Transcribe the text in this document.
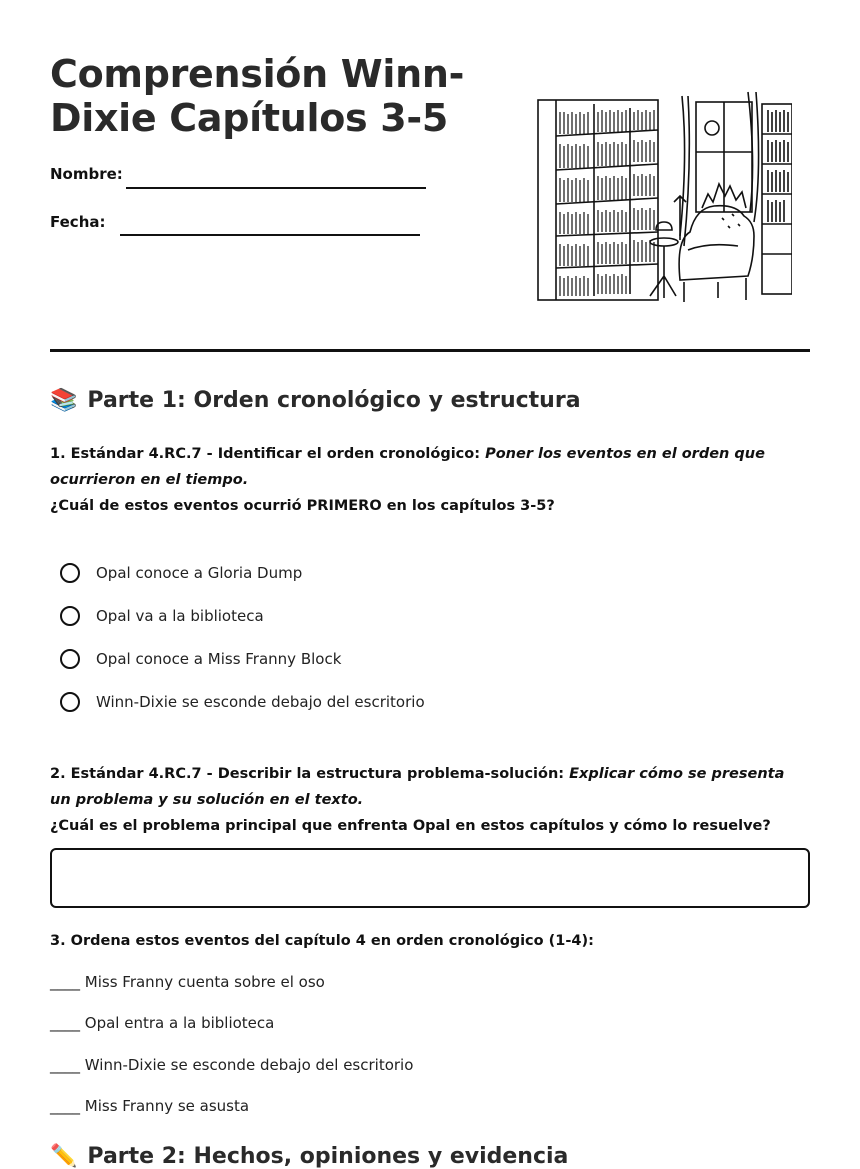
Comprensión Winn-Dixie Capítulos 3-5
Nombre:
Fecha:
📚 Parte 1: Orden cronológico y estructura
1. Estándar 4.RC.7 - Identificar el orden cronológico: Poner los eventos en el orden que ocurrieron en el tiempo.
¿Cuál de estos eventos ocurrió PRIMERO en los capítulos 3-5?
Opal conoce a Gloria Dump
Opal va a la biblioteca
Opal conoce a Miss Franny Block
Winn-Dixie se esconde debajo del escritorio
2. Estándar 4.RC.7 - Describir la estructura problema-solución: Explicar cómo se presenta un problema y su solución en el texto.
¿Cuál es el problema principal que enfrenta Opal en estos capítulos y cómo lo resuelve?
3. Ordena estos eventos del capítulo 4 en orden cronológico (1-4):
____ Miss Franny cuenta sobre el oso
____ Opal entra a la biblioteca
____ Winn-Dixie se esconde debajo del escritorio
____ Miss Franny se asusta
✏️ Parte 2: Hechos, opiniones y evidencia
